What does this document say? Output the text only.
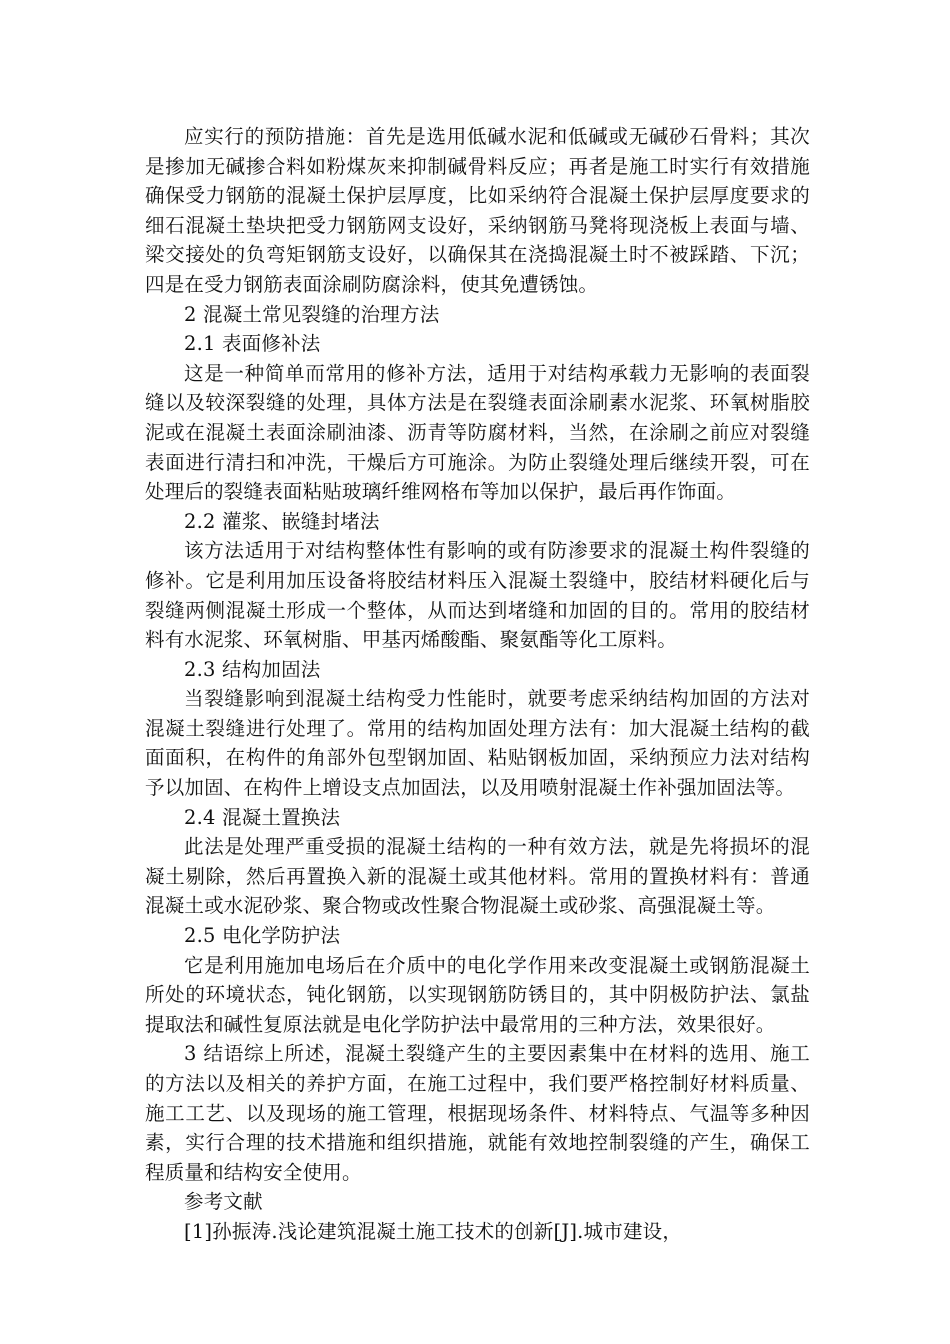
应实行的预防措施：首先是选用低碱水泥和低碱或无碱砂石骨料；其次是掺加无碱掺合料如粉煤灰来抑制碱骨料反应；再者是施工时实行有效措施确保受力钢筋的混凝土保护层厚度，比如采纳符合混凝土保护层厚度要求的细石混凝土垫块把受力钢筋网支设好，采纳钢筋马凳将现浇板上表面与墙、梁交接处的负弯矩钢筋支设好，以确保其在浇捣混凝土时不被踩踏、下沉；四是在受力钢筋表面涂刷防腐涂料，使其免遭锈蚀。

2 混凝土常见裂缝的治理方法

2.1 表面修补法

这是一种简单而常用的修补方法，适用于对结构承载力无影响的表面裂缝以及较深裂缝的处理，具体方法是在裂缝表面涂刷素水泥浆、环氧树脂胶泥或在混凝土表面涂刷油漆、沥青等防腐材料，当然，在涂刷之前应对裂缝表面进行清扫和冲洗，干燥后方可施涂。为防止裂缝处理后继续开裂，可在处理后的裂缝表面粘贴玻璃纤维网格布等加以保护，最后再作饰面。

2.2 灌浆、嵌缝封堵法

该方法适用于对结构整体性有影响的或有防渗要求的混凝土构件裂缝的修补。它是利用加压设备将胶结材料压入混凝土裂缝中，胶结材料硬化后与裂缝两侧混凝土形成一个整体，从而达到堵缝和加固的目的。常用的胶结材料有水泥浆、环氧树脂、甲基丙烯酸酯、聚氨酯等化工原料。

2.3 结构加固法

当裂缝影响到混凝土结构受力性能时，就要考虑采纳结构加固的方法对混凝土裂缝进行处理了。常用的结构加固处理方法有：加大混凝土结构的截面面积，在构件的角部外包型钢加固、粘贴钢板加固，采纳预应力法对结构予以加固、在构件上增设支点加固法，以及用喷射混凝土作补强加固法等。

2.4 混凝土置换法

此法是处理严重受损的混凝土结构的一种有效方法，就是先将损坏的混凝土剔除，然后再置换入新的混凝土或其他材料。常用的置换材料有：普通混凝土或水泥砂浆、聚合物或改性聚合物混凝土或砂浆、高强混凝土等。

2.5 电化学防护法

它是利用施加电场后在介质中的电化学作用来改变混凝土或钢筋混凝土所处的环境状态，钝化钢筋，以实现钢筋防锈目的，其中阴极防护法、氯盐提取法和碱性复原法就是电化学防护法中最常用的三种方法，效果很好。

3 结语综上所述，混凝土裂缝产生的主要因素集中在材料的选用、施工的方法以及相关的养护方面，在施工过程中，我们要严格控制好材料质量、施工工艺、以及现场的施工管理，根据现场条件、材料特点、气温等多种因素，实行合理的技术措施和组织措施，就能有效地控制裂缝的产生，确保工程质量和结构安全使用。

参考文献

[1]孙振涛.浅论建筑混凝土施工技术的创新[J].城市建设，
